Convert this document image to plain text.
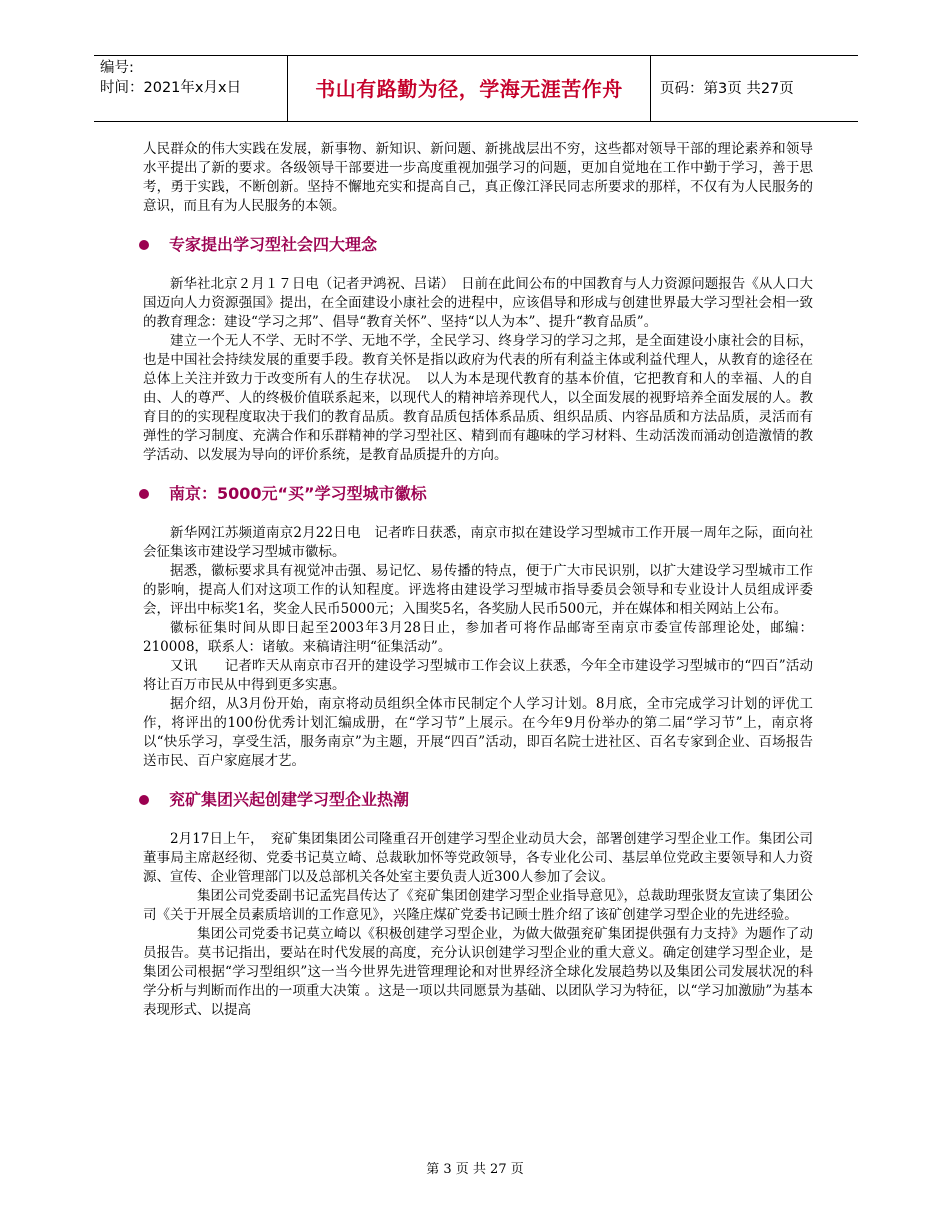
编号:
时间：2021年x月x日	书山有路勤为径，学海无涯苦作舟	页码：第3页 共27页

人民群众的伟大实践在发展，新事物、新知识、新问题、新挑战层出不穷，这些都对领导干部的理论素养和领导水平提出了新的要求。各级领导干部要进一步高度重视加强学习的问题，更加自觉地在工作中勤于学习，善于思考，勇于实践，不断创新。坚持不懈地充实和提高自己，真正像江泽民同志所要求的那样，不仅有为人民服务的意识，而且有为人民服务的本领。

专家提出学习型社会四大理念

新华社北京２月１７日电（记者尹鸿祝、吕诺）　日前在此间公布的中国教育与人力资源问题报告《从人口大国迈向人力资源强国》提出，在全面建设小康社会的进程中，应该倡导和形成与创建世界最大学习型社会相一致的教育理念：建设“学习之邦”、倡导“教育关怀”、坚持“以人为本”、提升“教育品质”。

建立一个无人不学、无时不学、无地不学，全民学习、终身学习的学习之邦，是全面建设小康社会的目标，也是中国社会持续发展的重要手段。教育关怀是指以政府为代表的所有利益主体或利益代理人，从教育的途径在总体上关注并致力于改变所有人的生存状况。　以人为本是现代教育的基本价值，它把教育和人的幸福、人的自由、人的尊严、人的终极价值联系起来，以现代人的精神培养现代人，以全面发展的视野培养全面发展的人。教育目的的实现程度取决于我们的教育品质。教育品质包括体系品质、组织品质、内容品质和方法品质，灵活而有弹性的学习制度、充满合作和乐群精神的学习型社区、精到而有趣味的学习材料、生动活泼而涌动创造激情的教学活动、以发展为导向的评价系统，是教育品质提升的方向。

南京：5000元“买”学习型城市徽标

新华网江苏频道南京2月22日电　记者昨日获悉，南京市拟在建设学习型城市工作开展一周年之际，面向社会征集该市建设学习型城市徽标。

据悉，徽标要求具有视觉冲击强、易记忆、易传播的特点，便于广大市民识别，以扩大建设学习型城市工作的影响，提高人们对这项工作的认知程度。评选将由建设学习型城市指导委员会领导和专业设计人员组成评委会，评出中标奖1名，奖金人民币5000元；入围奖5名，各奖励人民币500元，并在媒体和相关网站上公布。

徽标征集时间从即日起至2003年3月28日止，参加者可将作品邮寄至南京市委宣传部理论处，邮编：210008，联系人：诸敏。来稿请注明“征集活动”。

又讯　　记者昨天从南京市召开的建设学习型城市工作会议上获悉，今年全市建设学习型城市的“四百”活动将让百万市民从中得到更多实惠。

据介绍，从3月份开始，南京将动员组织全体市民制定个人学习计划。8月底，全市完成学习计划的评优工作，将评出的100份优秀计划汇编成册，在“学习节”上展示。在今年9月份举办的第二届“学习节”上，南京将以“快乐学习，享受生活，服务南京”为主题，开展“四百”活动，即百名院士进社区、百名专家到企业、百场报告送市民、百户家庭展才艺。

兖矿集团兴起创建学习型企业热潮

2月17日上午，　兖矿集团集团公司隆重召开创建学习型企业动员大会，部署创建学习型企业工作。集团公司董事局主席赵经彻、党委书记莫立崎、总裁耿加怀等党政领导，各专业化公司、基层单位党政主要领导和人力资源、宣传、企业管理部门以及总部机关各处室主要负责人近300人参加了会议。

集团公司党委副书记孟宪昌传达了《兖矿集团创建学习型企业指导意见》，总裁助理张贤友宣读了集团公司《关于开展全员素质培训的工作意见》，兴隆庄煤矿党委书记顾士胜介绍了该矿创建学习型企业的先进经验。

集团公司党委书记莫立崎以《积极创建学习型企业，为做大做强兖矿集团提供强有力支持》为题作了动员报告。莫书记指出，要站在时代发展的高度，充分认识创建学习型企业的重大意义。确定创建学习型企业，是集团公司根据“学习型组织”这一当今世界先进管理理论和对世界经济全球化发展趋势以及集团公司发展状况的科学分析与判断而作出的一项重大决策 。这是一项以共同愿景为基础、以团队学习为特征，以“学习加激励”为基本表现形式、以提高

第 3 页 共 27 页
